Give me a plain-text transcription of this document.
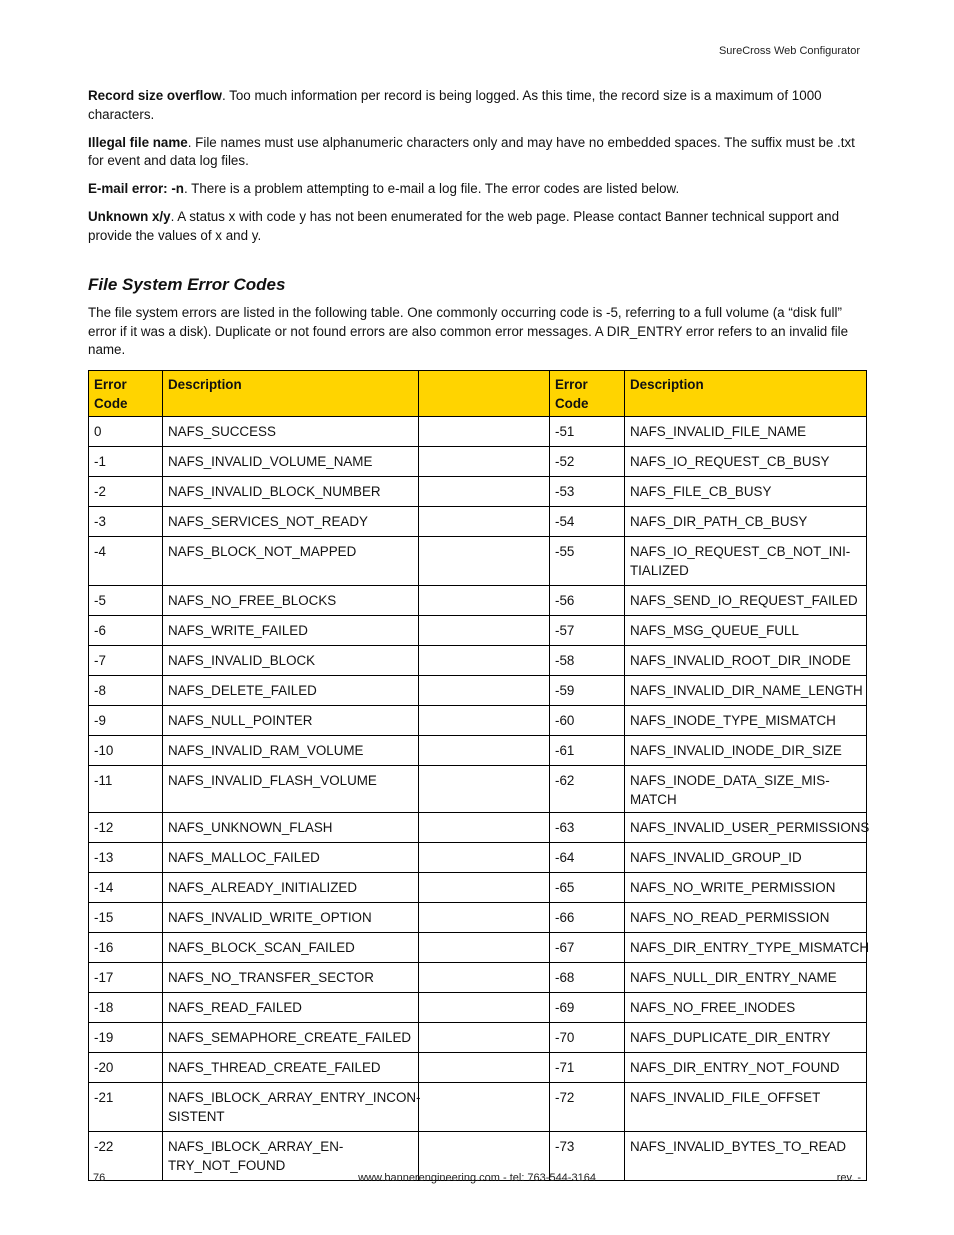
SureCross Web Configurator

Record size overflow. Too much information per record is being logged. As this time, the record size is a maximum of 1000 characters.

Illegal file name. File names must use alphanumeric characters only and may have no embedded spaces. The suffix must be .txt for event and data log files.

E-mail error: -n. There is a problem attempting to e-mail a log file. The error codes are listed below.

Unknown x/y. A status x with code y has not been enumerated for the web page. Please contact Banner technical support and provide the values of x and y.

File System Error Codes

The file system errors are listed in the following table. One commonly occurring code is -5, referring to a full volume (a “disk full” error if it was a disk). Duplicate or not found errors are also common error messages. A DIR_ENTRY error refers to an invalid file name.

Error Code	Description		Error Code	Description
0	NAFS_SUCCESS		-51	NAFS_INVALID_FILE_NAME
-1	NAFS_INVALID_VOLUME_NAME		-52	NAFS_IO_REQUEST_CB_BUSY
-2	NAFS_INVALID_BLOCK_NUMBER		-53	NAFS_FILE_CB_BUSY
-3	NAFS_SERVICES_NOT_READY		-54	NAFS_DIR_PATH_CB_BUSY
-4	NAFS_BLOCK_NOT_MAPPED		-55	NAFS_IO_REQUEST_CB_NOT_INI-TIALIZED
-5	NAFS_NO_FREE_BLOCKS		-56	NAFS_SEND_IO_REQUEST_FAILED
-6	NAFS_WRITE_FAILED		-57	NAFS_MSG_QUEUE_FULL
-7	NAFS_INVALID_BLOCK		-58	NAFS_INVALID_ROOT_DIR_INODE
-8	NAFS_DELETE_FAILED		-59	NAFS_INVALID_DIR_NAME_LENGTH
-9	NAFS_NULL_POINTER		-60	NAFS_INODE_TYPE_MISMATCH
-10	NAFS_INVALID_RAM_VOLUME		-61	NAFS_INVALID_INODE_DIR_SIZE
-11	NAFS_INVALID_FLASH_VOLUME		-62	NAFS_INODE_DATA_SIZE_MIS-MATCH
-12	NAFS_UNKNOWN_FLASH		-63	NAFS_INVALID_USER_PERMISSIONS
-13	NAFS_MALLOC_FAILED		-64	NAFS_INVALID_GROUP_ID
-14	NAFS_ALREADY_INITIALIZED		-65	NAFS_NO_WRITE_PERMISSION
-15	NAFS_INVALID_WRITE_OPTION		-66	NAFS_NO_READ_PERMISSION
-16	NAFS_BLOCK_SCAN_FAILED		-67	NAFS_DIR_ENTRY_TYPE_MISMATCH
-17	NAFS_NO_TRANSFER_SECTOR		-68	NAFS_NULL_DIR_ENTRY_NAME
-18	NAFS_READ_FAILED		-69	NAFS_NO_FREE_INODES
-19	NAFS_SEMAPHORE_CREATE_FAILED		-70	NAFS_DUPLICATE_DIR_ENTRY
-20	NAFS_THREAD_CREATE_FAILED		-71	NAFS_DIR_ENTRY_NOT_FOUND
-21	NAFS_IBLOCK_ARRAY_ENTRY_INCON-SISTENT		-72	NAFS_INVALID_FILE_OFFSET
-22	NAFS_IBLOCK_ARRAY_EN-TRY_NOT_FOUND		-73	NAFS_INVALID_BYTES_TO_READ
76	www.bannerengineering.com - tel: 763-544-3164	rev. -
